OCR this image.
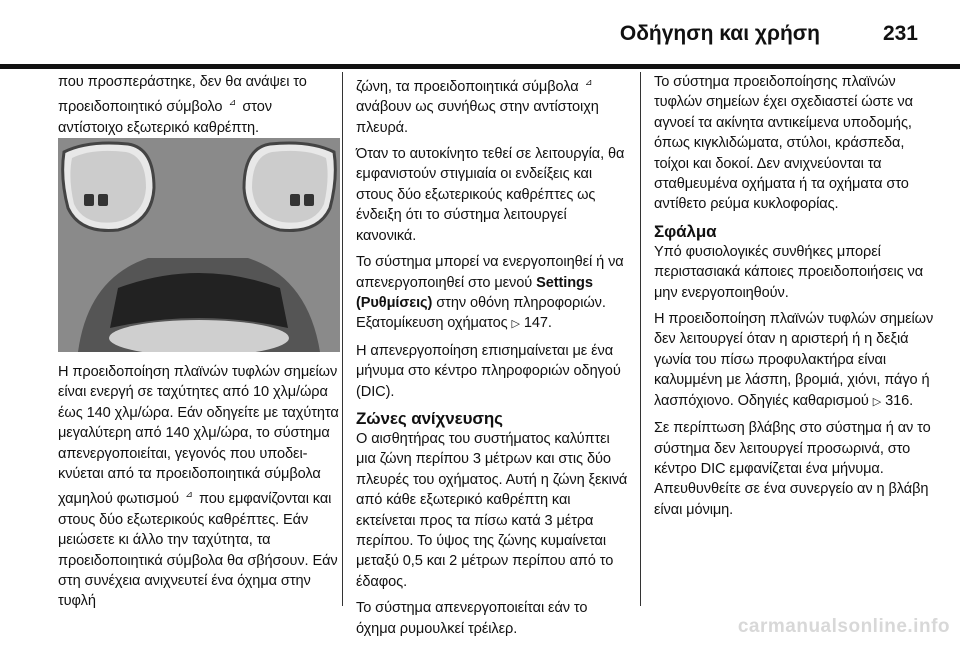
Οδήγηση και χρήση	231

που προσπεράστηκε, δεν θα ανάψει το προειδοποιητικό σύμβολο ⊿ στον αντίστοιχο εξωτερικό καθρέπτη.

Η προειδοποίηση πλαϊνών τυφλών σημείων είναι ενεργή σε ταχύτητες από 10 χλμ/ώρα έως 140 χλμ/ώρα. Εάν οδηγείτε με ταχύτητα μεγαλύτερη από 140 χλμ/ώρα, το σύστημα απενεργοποιείται, γεγονός που υποδεικνύεται από τα προειδοποιητικά σύμβολα χαμηλού φωτισμού ⊿ που εμφανίζονται και στους δύο εξωτερικούς καθρέπτες. Εάν μειώσετε κι άλλο την ταχύτητα, τα προειδοποιητικά σύμβολα θα σβήσουν. Εάν στη συνέχεια ανιχνευτεί ένα όχημα στην τυφλή

ζώνη, τα προειδοποιητικά σύμβολα ⊿ ανάβουν ως συνήθως στην αντίστοιχη πλευρά.

Όταν το αυτοκίνητο τεθεί σε λειτουργία, θα εμφανιστούν στιγμιαία οι ενδείξεις και στους δύο εξωτερικούς καθρέπτες ως ένδειξη ότι το σύστημα λειτουργεί κανονικά.

Το σύστημα μπορεί να ενεργοποιηθεί ή να απενεργοποιηθεί στο μενού Settings (Ρυθμίσεις) στην οθόνη πληροφοριών. Εξατομίκευση οχήματος ▷ 147.

Η απενεργοποίηση επισημαίνεται με ένα μήνυμα στο κέντρο πληροφοριών οδηγού (DIC).

Ζώνες ανίχνευσης

Ο αισθητήρας του συστήματος καλύπτει μια ζώνη περίπου 3 μέτρων και στις δύο πλευρές του οχήματος. Αυτή η ζώνη ξεκινά από κάθε εξωτερικό καθρέπτη και εκτείνεται προς τα πίσω κατά 3 μέτρα περίπου. Το ύψος της ζώνης κυμαίνεται μεταξύ 0,5 και 2 μέτρων περίπου από το έδαφος.

Το σύστημα απενεργοποιείται εάν το όχημα ρυμουλκεί τρέιλερ.

Το σύστημα προειδοποίησης πλαϊνών τυφλών σημείων έχει σχεδιαστεί ώστε να αγνοεί τα ακίνητα αντικείμενα υποδομής, όπως κιγκλιδώματα, στύλοι, κράσπεδα, τοίχοι και δοκοί. Δεν ανιχνεύονται τα σταθμευμένα οχήματα ή τα οχήματα στο αντίθετο ρεύμα κυκλοφορίας.

Σφάλμα

Υπό φυσιολογικές συνθήκες μπορεί περιστασιακά κάποιες προειδοποιήσεις να μην ενεργοποιηθούν.

Η προειδοποίηση πλαϊνών τυφλών σημείων δεν λειτουργεί όταν η αριστερή ή η δεξιά γωνία του πίσω προφυλακτήρα είναι καλυμμένη με λάσπη, βρομιά, χιόνι, πάγο ή λασπόχιονο. Οδηγιές καθαρισμού ▷ 316.

Σε περίπτωση βλάβης στο σύστημα ή αν το σύστημα δεν λειτουργεί προσωρινά, στο κέντρο DIC εμφανίζεται ένα μήνυμα. Απευθυνθείτε σε ένα συνεργείο αν η βλάβη είναι μόνιμη.

carmanualsonline.info
